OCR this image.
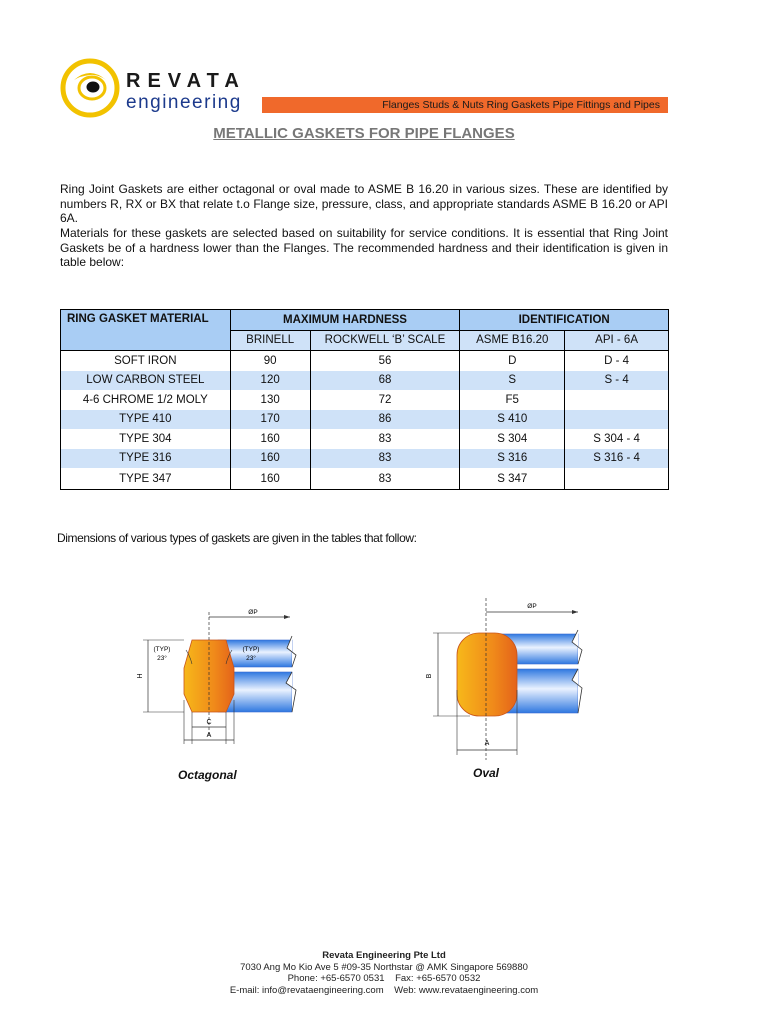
REVATA
engineering	Flanges Studs & Nuts Ring Gaskets Pipe Fittings and Pipes
METALLIC GASKETS FOR PIPE FLANGES
Ring Joint Gaskets are either octagonal or oval made to ASME B 16.20 in various sizes. These are identified by numbers R, RX or BX that relate t.o Flange size, pressure, class, and appropriate standards ASME B 16.20 or API 6A.
Materials for these gaskets are selected based on suitability for service conditions. It is essential that Ring Joint Gaskets be of a hardness lower than the Flanges. The recommended hardness and their identification is given in table below:
RING GASKET MATERIAL	MAXIMUM HARDNESS		IDENTIFICATION	
	BRINELL	ROCKWELL ‘B’ SCALE	ASME B16.20	API - 6A
SOFT IRON	90	56	D	D - 4
LOW CARBON STEEL	120	68	S	S - 4
4-6 CHROME 1/2 MOLY	130	72	F5	
TYPE 410	170	86	S 410	
TYPE 304	160	83	S 304	S 304 - 4
TYPE 316	160	83	S 316	S 316 - 4
TYPE 347	160	83	S 347	
Dimensions of various types of gaskets are given in the tables that follow:
ØP
H
C
A
(TYP)
23°
(TYP)
23°
ØP
B
A
Octagonal	Oval
Revata Engineering Pte Ltd
7030 Ang Mo Kio Ave 5 #09-35 Northstar @ AMK Singapore 569880
Phone: +65-6570 0531    Fax: +65-6570 0532
E-mail: info@revataengineering.com    Web: www.revataengineering.com
